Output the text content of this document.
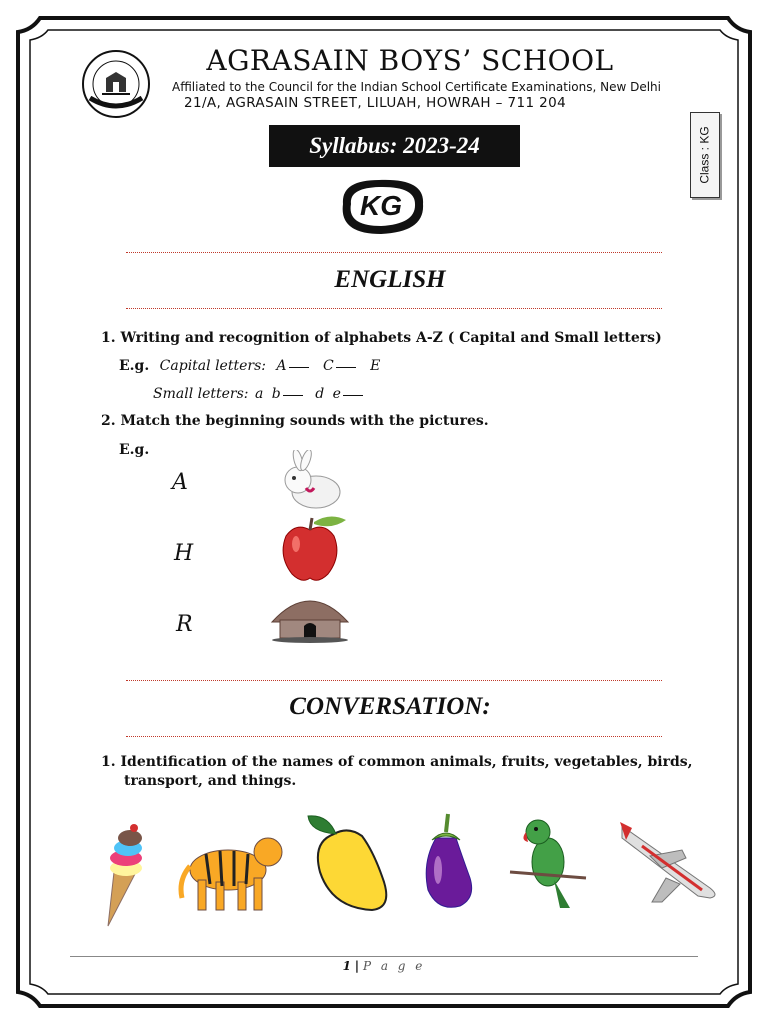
AGRASAIN BOYS’ SCHOOL
Affiliated to the Council for the Indian School Certificate Examinations, New Delhi
21/A, AGRASAIN STREET, LILUAH, HOWRAH – 711 204
Syllabus: 2023-24	Class : KG
KG
ENGLISH
1. Writing and recognition of alphabets A-Z ( Capital and Small letters)
E.g. Capital letters: A	C	E
Small letters: a b d e
2. Match the beginning sounds with the pictures.
E.g.
A
H
R
CONVERSATION:
1. Identification of the names of common animals, fruits, vegetables, birds,
transport, and things.
1 | P a g e
